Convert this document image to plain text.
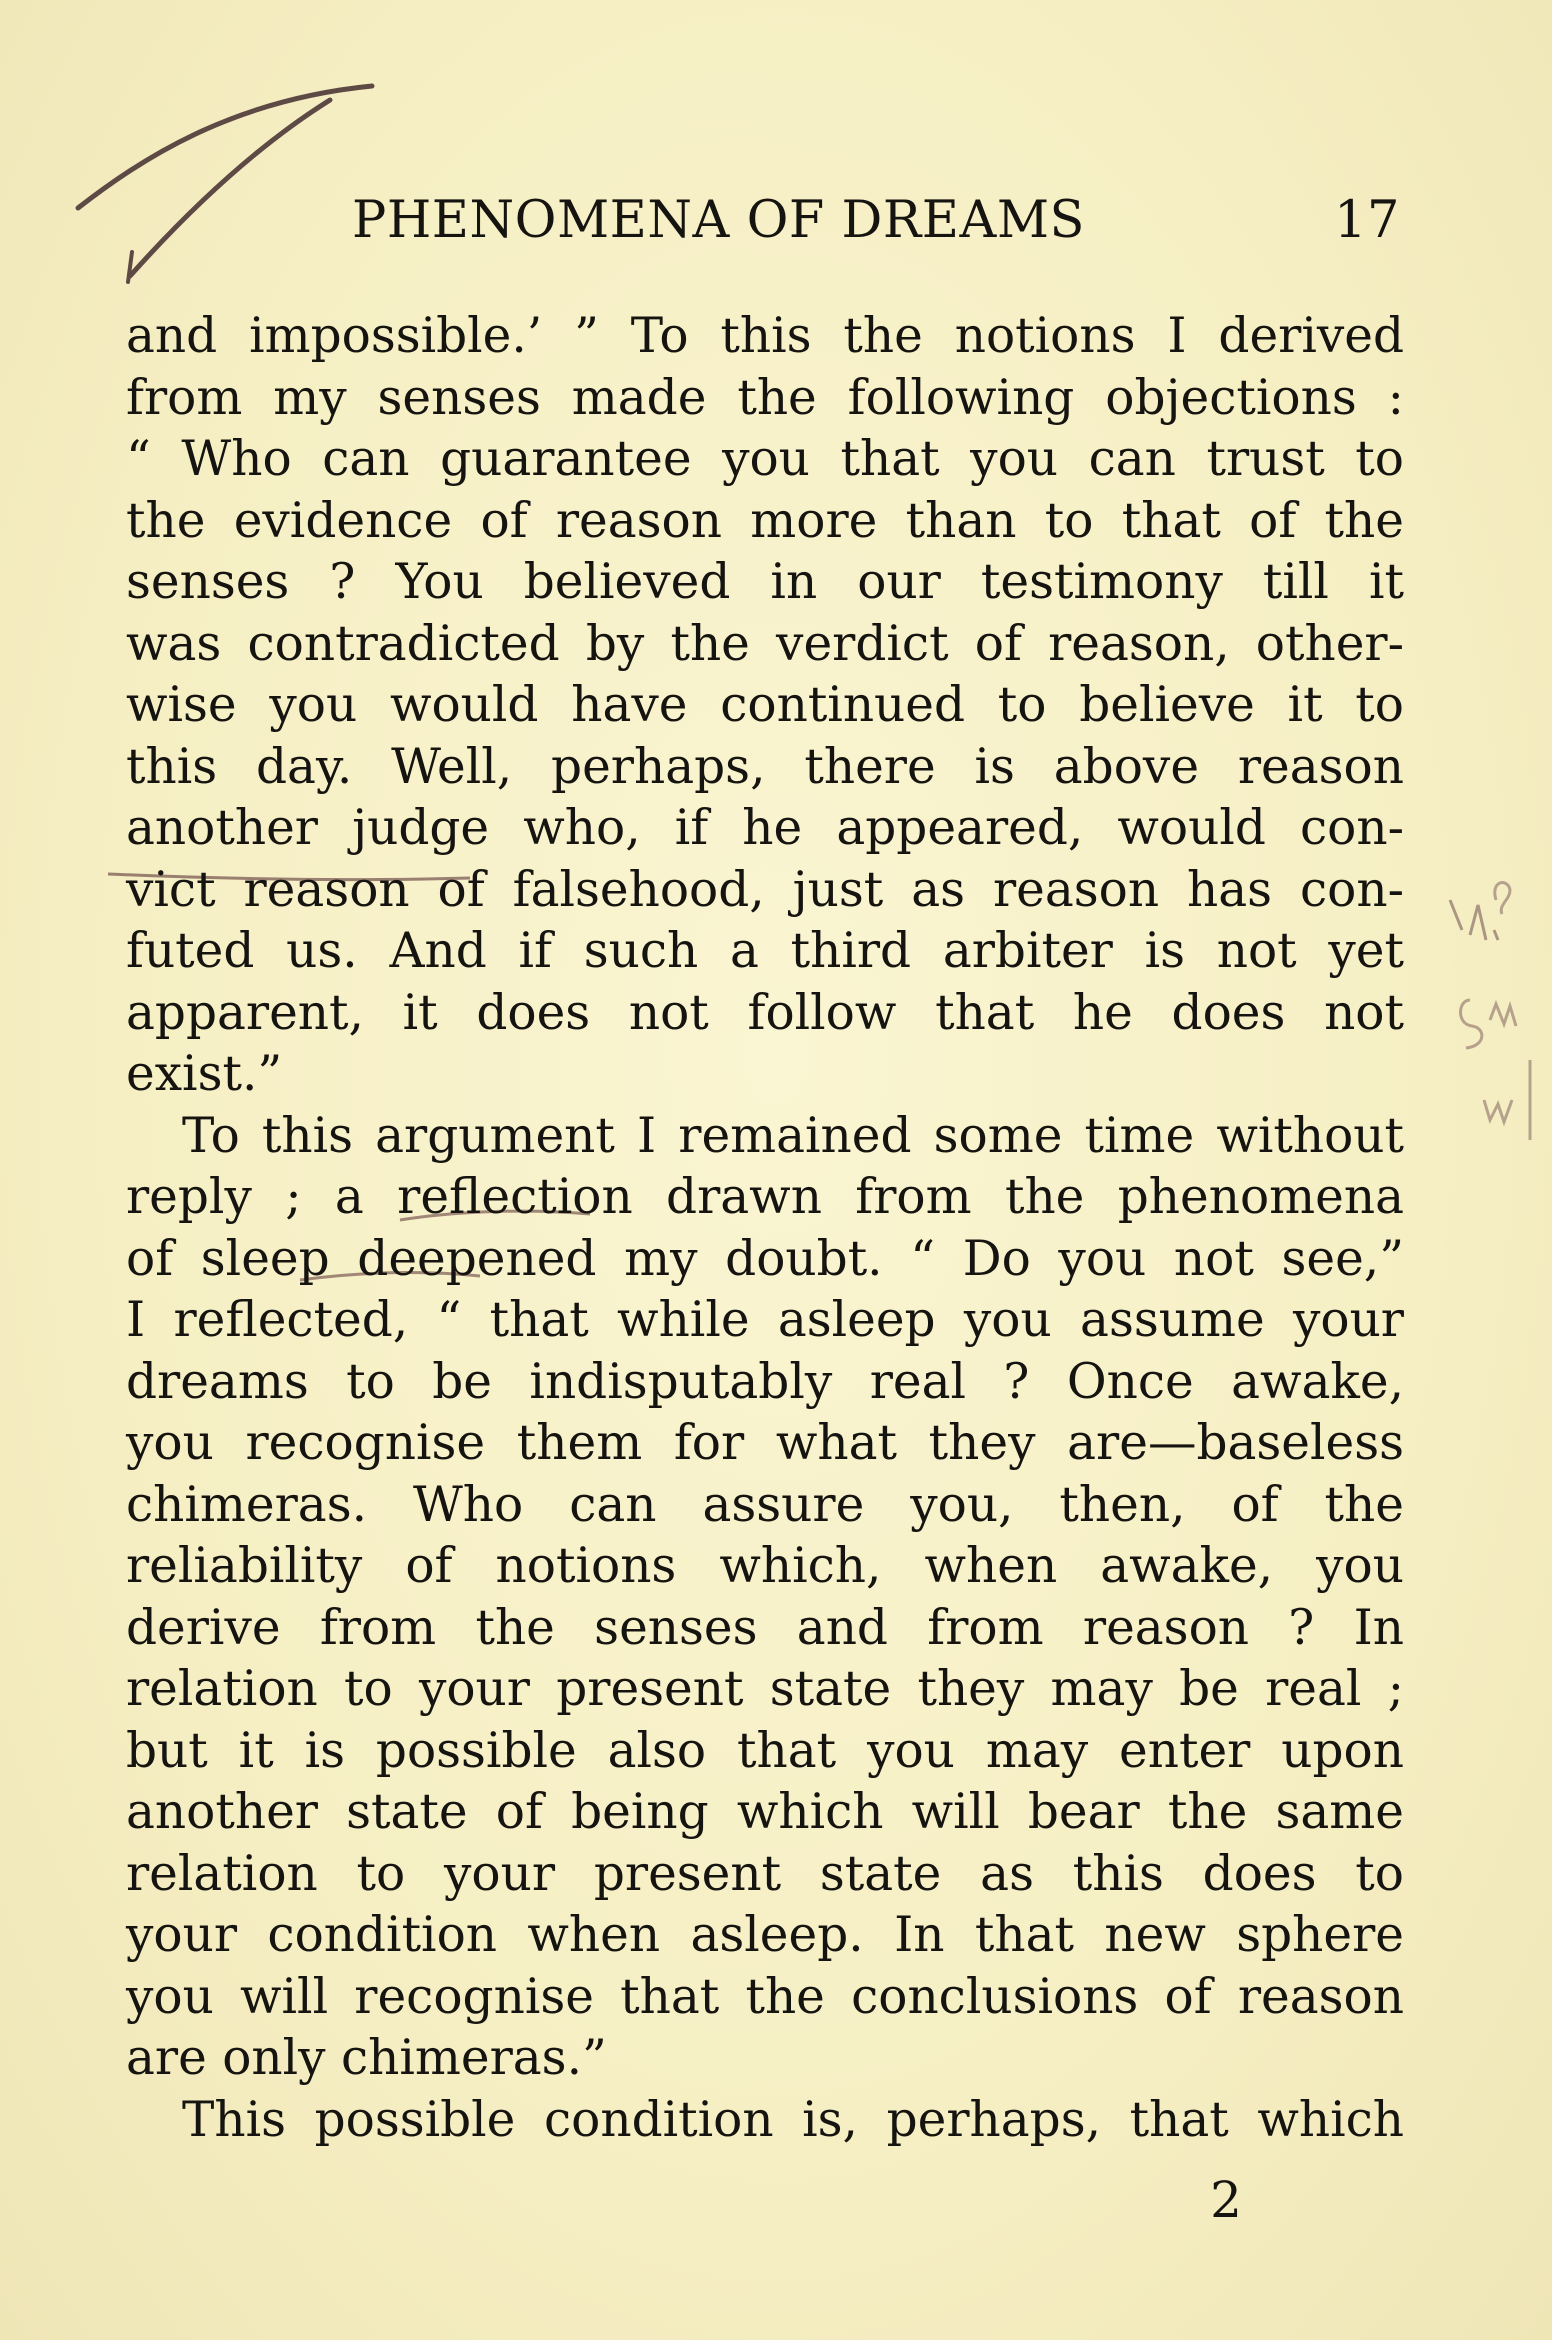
PHENOMENA OF DREAMS	17
and impossible.’ ” To this the notions I derived
from my senses made the following objections :
“ Who can guarantee you that you can trust to
the evidence of reason more than to that of the
senses ? You believed in our testimony till it
was contradicted by the verdict of reason, other-
wise you would have continued to believe it to
this day. Well, perhaps, there is above reason
another judge who, if he appeared, would con-
vict reason of falsehood, just as reason has con-
futed us. And if such a third arbiter is not yet
apparent, it does not follow that he does not
exist.”
To this argument I remained some time without
reply ; a reflection drawn from the phenomena
of sleep deepened my doubt. “ Do you not see,”
I reflected, “ that while asleep you assume your
dreams to be indisputably real ? Once awake,
you recognise them for what they are—baseless
chimeras. Who can assure you, then, of the
reliability of notions which, when awake, you
derive from the senses and from reason ? In
relation to your present state they may be real ;
but it is possible also that you may enter upon
another state of being which will bear the same
relation to your present state as this does to
your condition when asleep. In that new sphere
you will recognise that the conclusions of reason
are only chimeras.”
This possible condition is, perhaps, that which
2
